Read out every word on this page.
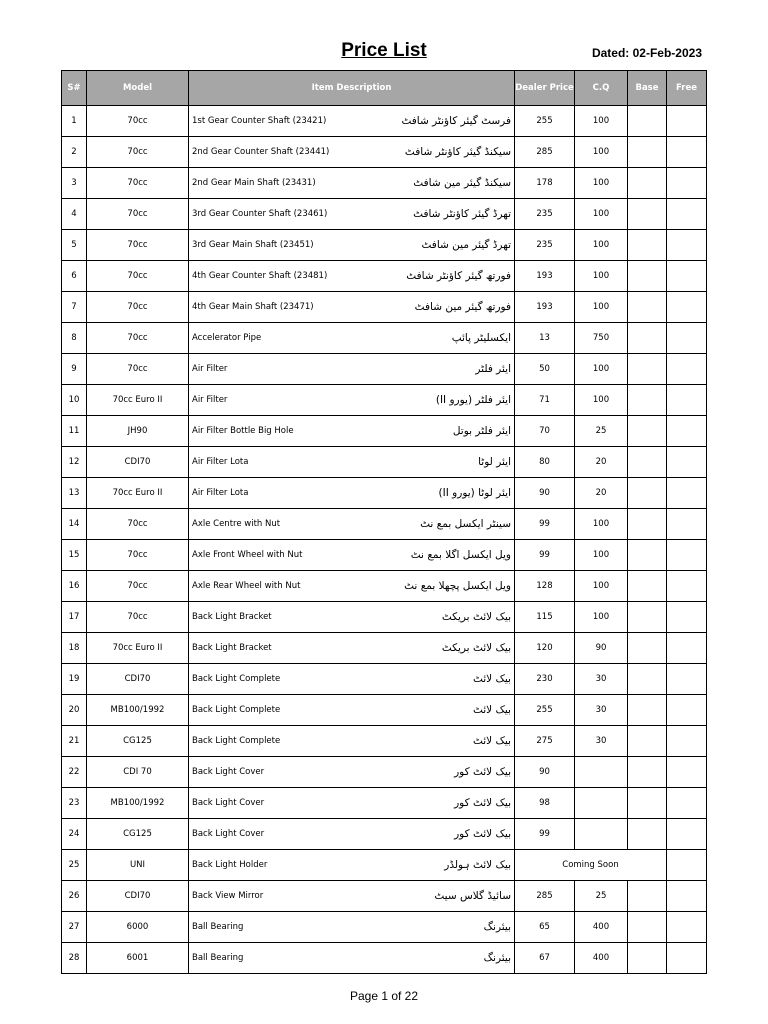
Price List	Dated: 02-Feb-2023
S#	Model	Item Description	Dealer Price	C.Q	Base	Free
1	70cc	1st Gear Counter Shaft (23421) فرسٹ گیئر کاؤنٹر شافٹ	255	100		
2	70cc	2nd Gear Counter Shaft (23441) سیکنڈ گیئر کاؤنٹر شافٹ	285	100		
3	70cc	2nd Gear Main Shaft (23431) سیکنڈ گیئر مین شافٹ	178	100		
4	70cc	3rd Gear Counter Shaft (23461) تھرڈ گیئر کاؤنٹر شافٹ	235	100		
5	70cc	3rd Gear Main Shaft (23451) تھرڈ گیئر مین شافٹ	235	100		
6	70cc	4th Gear Counter Shaft (23481) فورتھ گیئر کاؤنٹر شافٹ	193	100		
7	70cc	4th Gear Main Shaft (23471) فورتھ گیئر مین شافٹ	193	100		
8	70cc	Accelerator Pipe ایکسلیٹر پائپ	13	750		
9	70cc	Air Filter ایئر فلٹر	50	100		
10	70cc Euro II	Air Filter ایئر فلٹر (یورو II)	71	100		
11	JH90	Air Filter Bottle Big Hole ایئر فلٹر بوتل	70	25		
12	CDI70	Air Filter Lota ایئر لوٹا	80	20		
13	70cc Euro II	Air Filter Lota ایئر لوٹا (یورو II)	90	20		
14	70cc	Axle Centre with Nut سینٹر ایکسل بمع نٹ	99	100		
15	70cc	Axle Front Wheel with Nut ویل ایکسل اگلا بمع نٹ	99	100		
16	70cc	Axle Rear Wheel with Nut ویل ایکسل پچھلا بمع نٹ	128	100		
17	70cc	Back Light Bracket بیک لائٹ بریکٹ	115	100		
18	70cc Euro II	Back Light Bracket بیک لائٹ بریکٹ	120	90		
19	CDI70	Back Light Complete بیک لائٹ	230	30		
20	MB100/1992	Back Light Complete بیک لائٹ	255	30		
21	CG125	Back Light Complete بیک لائٹ	275	30		
22	CDI 70	Back Light Cover بیک لائٹ کور	90			
23	MB100/1992	Back Light Cover بیک لائٹ کور	98			
24	CG125	Back Light Cover بیک لائٹ کور	99			
25	UNI	Back Light Holder بیک لائٹ ہولڈر	Coming Soon			
26	CDI70	Back View Mirror سائیڈ گلاس سیٹ	285	25		
27	6000	Ball Bearing بیئرنگ	65	400		
28	6001	Ball Bearing بیئرنگ	67	400		
Page 1 of 22
